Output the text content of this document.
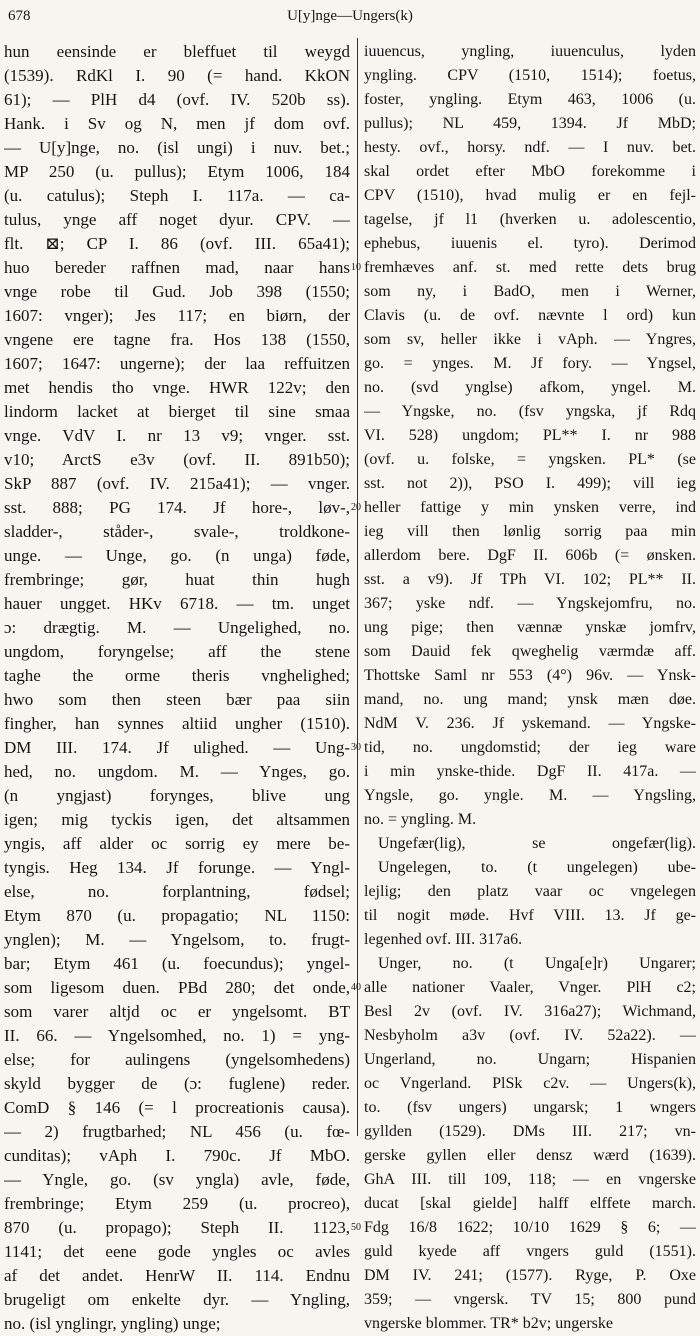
678	U[y]nge—Ungers(k)
hun eensinde er bleffuet til weygd
(1539). RdKl I. 90 (= hand. KkON
61); — PlH d4 (ovf. IV. 520b ss).
Hank. i Sv og N, men jf dom ovf.
— U[y]nge, no. (isl ungi) i nuv. bet.;
MP 250 (u. pullus); Etym 1006, 184
(u. catulus); Steph I. 117a. — ca-
tulus, ynge aff noget dyur. CPV. —
flt. ⊠; CP I. 86 (ovf. III. 65a41);
huo bereder raffnen mad, naar hans
vnge robe til Gud. Job 398 (1550;
1607: vnger); Jes 117; en biørn, der
vngene ere tagne fra. Hos 138 (1550,
1607; 1647: ungerne); der laa reffuitzen
met hendis tho vnge. HWR 122v; den
lindorm lacket at bierget til sine smaa
vnge. VdV I. nr 13 v9; vnger. sst.
v10; ArctS e3v (ovf. II. 891b50);
SkP 887 (ovf. IV. 215a41); — vnger.
sst. 888; PG 174. Jf hore-, løv-,
sladder-, ståder-, svale-, troldkone-
unge. — Unge, go. (n unga) føde,
frembringe; gør, huat thin hugh
hauer ungget. HKv 6718. — tm. unget
ɔ: drægtig. M. — Ungelighed, no.
ungdom, foryngelse; aff the stene
taghe the orme theris vnghelighed;
hwo som then steen bær paa siin
fingher, han synnes altiid ungher (1510).
DM III. 174. Jf ulighed. — Ung-
hed, no. ungdom. M. — Ynges, go.
(n yngjast) forynges, blive ung
igen; mig tyckis igen, det altsammen
yngis, aff alder oc sorrig ey mere be-
tyngis. Heg 134. Jf forunge. — Yngl-
else, no. forplantning, fødsel;
Etym 870 (u. propagatio; NL 1150:
ynglen); M. — Yngelsom, to. frugt-
bar; Etym 461 (u. foecundus); yngel-
som ligesom duen. PBd 280; det onde,
som varer altjd oc er yngelsomt. BT
II. 66. — Yngelsomhed, no. 1) = yng-
else; for aulingens (yngelsomhedens)
skyld bygger de (ɔ: fuglene) reder.
ComD § 146 (= l procreationis causa).
— 2) frugtbarhed; NL 456 (u. fœ-
cunditas); vAph I. 790c. Jf MbO.
— Yngle, go. (sv yngla) avle, føde,
frembringe; Etym 259 (u. procreo),
870 (u. propago); Steph II. 1123,
1141; det eene gode yngles oc avles
af det andet. HenrW II. 114. Endnu
brugeligt om enkelte dyr. — Yngling,
no. (isl ynglingr, yngling) unge;
10
20
30
40
50
iuuencus, yngling, iuuenculus, lyden
yngling. CPV (1510, 1514); foetus,
foster, yngling. Etym 463, 1006 (u.
pullus); NL 459, 1394. Jf MbD;
hesty. ovf., horsy. ndf. — I nuv. bet.
skal ordet efter MbO forekomme i
CPV (1510), hvad mulig er en fejl-
tagelse, jf l1 (hverken u. adolescentio,
ephebus, iuuenis el. tyro). Derimod
fremhæves anf. st. med rette dets brug
som ny, i BadO, men i Werner,
Clavis (u. de ovf. nævnte l ord) kun
som sv, heller ikke i vAph. — Yngres,
go. = ynges. M. Jf fory. — Yngsel,
no. (svd ynglse) afkom, yngel. M.
— Yngske, no. (fsv yngska, jf Rdq
VI. 528) ungdom; PL** I. nr 988
(ovf. u. folske, = yngsken. PL* (se
sst. not 2)), PSO I. 499); vill ieg
heller fattige y min ynsken verre, ind
ieg vill then lønlig sorrig paa min
allerdom bere. DgF II. 606b (= ønsken.
sst. a v9). Jf TPh VI. 102; PL** II.
367; yske ndf. — Yngskejomfru, no.
ung pige; then vænnæ ynskæ jomfrv,
som Dauid fek qweghelig værmdæ aff.
Thottske Saml nr 553 (4°) 96v. — Ynsk-
mand, no. ung mand; ynsk mæn døe.
NdM V. 236. Jf yskemand. — Yngske-
tid, no. ungdomstid; der ieg ware
i min ynske-thide. DgF II. 417a. —
Yngsle, go. yngle. M. — Yngsling,
no. = yngling. M.
Ungefær(lig), se ongefær(lig).
Ungelegen, to. (t ungelegen) ube-
lejlig; den platz vaar oc vngelegen
til nogit møde. Hvf VIII. 13. Jf ge-
legenhed ovf. III. 317a6.
Unger, no. (t Unga[e]r) Ungarer;
alle nationer Vaaler, Vnger. PlH c2;
Besl 2v (ovf. IV. 316a27); Wichmand,
Nesbyholm a3v (ovf. IV. 52a22). —
Ungerland, no. Ungarn; Hispanien
oc Vngerland. PlSk c2v. — Ungers(k),
to. (fsv ungers) ungarsk; 1 wngers
gyllden (1529). DMs III. 217; vn-
gerske gyllen eller densz wærd (1639).
GhA III. till 109, 118; — en vngerske
ducat [skal gielde] halff elffete march.
Fdg 16/8 1622; 10/10 1629 § 6; —
guld kyede aff vngers guld (1551).
DM IV. 241; (1577). Ryge, P. Oxe
359; — vngersk. TV 15; 800 pund
vngerske blommer. TR* b2v; ungerske
